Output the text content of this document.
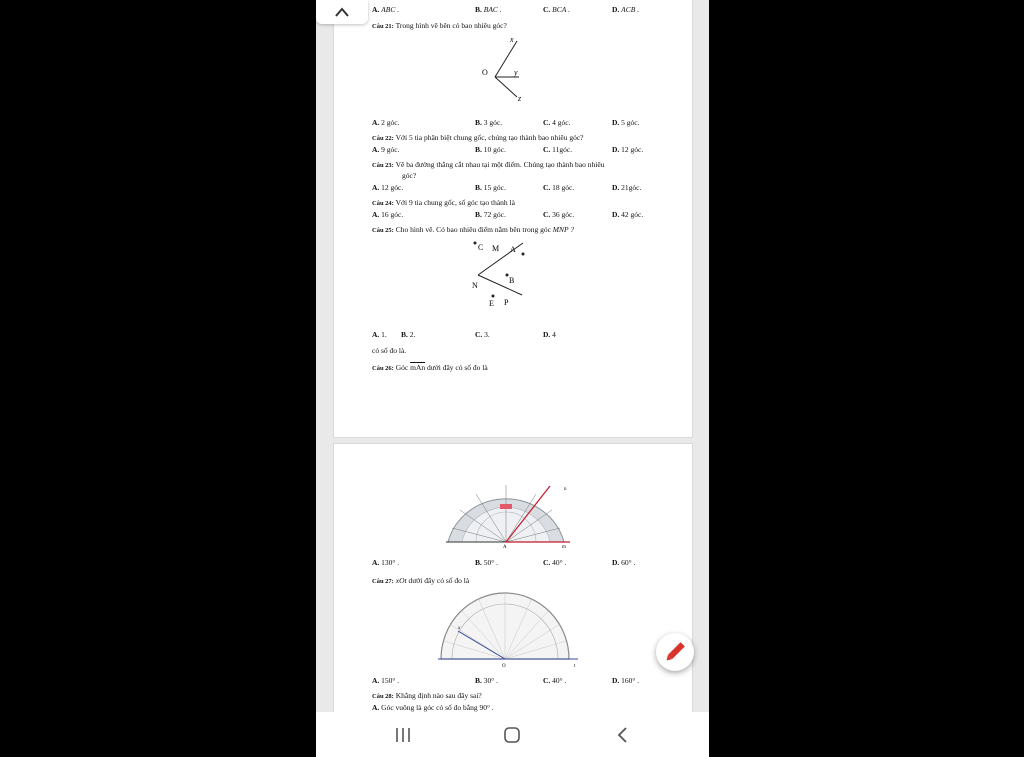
A. ABC .	B. BAC .	C. BCA .	D. ACB .
Câu 21: Trong hình vẽ bên có bao nhiêu góc?
x
O	y
z
A. 2 góc.	B. 3 góc.	C. 4 góc.	D. 5 góc.
Câu 22: Với 5 tia phân biệt chung gốc, chúng tạo thành bao nhiêu góc?
A. 9 góc.	B. 10 góc.	C. 11góc.	D. 12 góc.
Câu 23: Vẽ ba đường thẳng cắt nhau tại một điểm. Chúng tạo thành bao nhiêu
góc?
A. 12 góc.	B. 15 góc.	C. 18 góc.	D. 21góc.
Câu 24: Với 9 tia chung gốc, số góc tạo thành là
A. 16 góc.	B. 72 góc.	C. 36 góc.	D. 42 góc.
Câu 25: Cho hình vẽ. Có bao nhiêu điểm nằm bên trong góc MNP ?
C M A
N
B
E P
A. 1. B. 2.	C. 3.	D. 4
có số đo là.
Câu 26: Góc $\overline{mAn}$ dưới đây có số đo là
n
A	m
A. 130° .	B. 50° .	C. 40° .	D. 60° .
Câu 27: xOt dưới đây có số đo là
x
O	t
A. 150° .	B. 30° .	C. 40° .	D. 160° .
Câu 28: Khẳng định nào sau đây sai?
A. Góc vuông là góc có số đo bằng 90° .
